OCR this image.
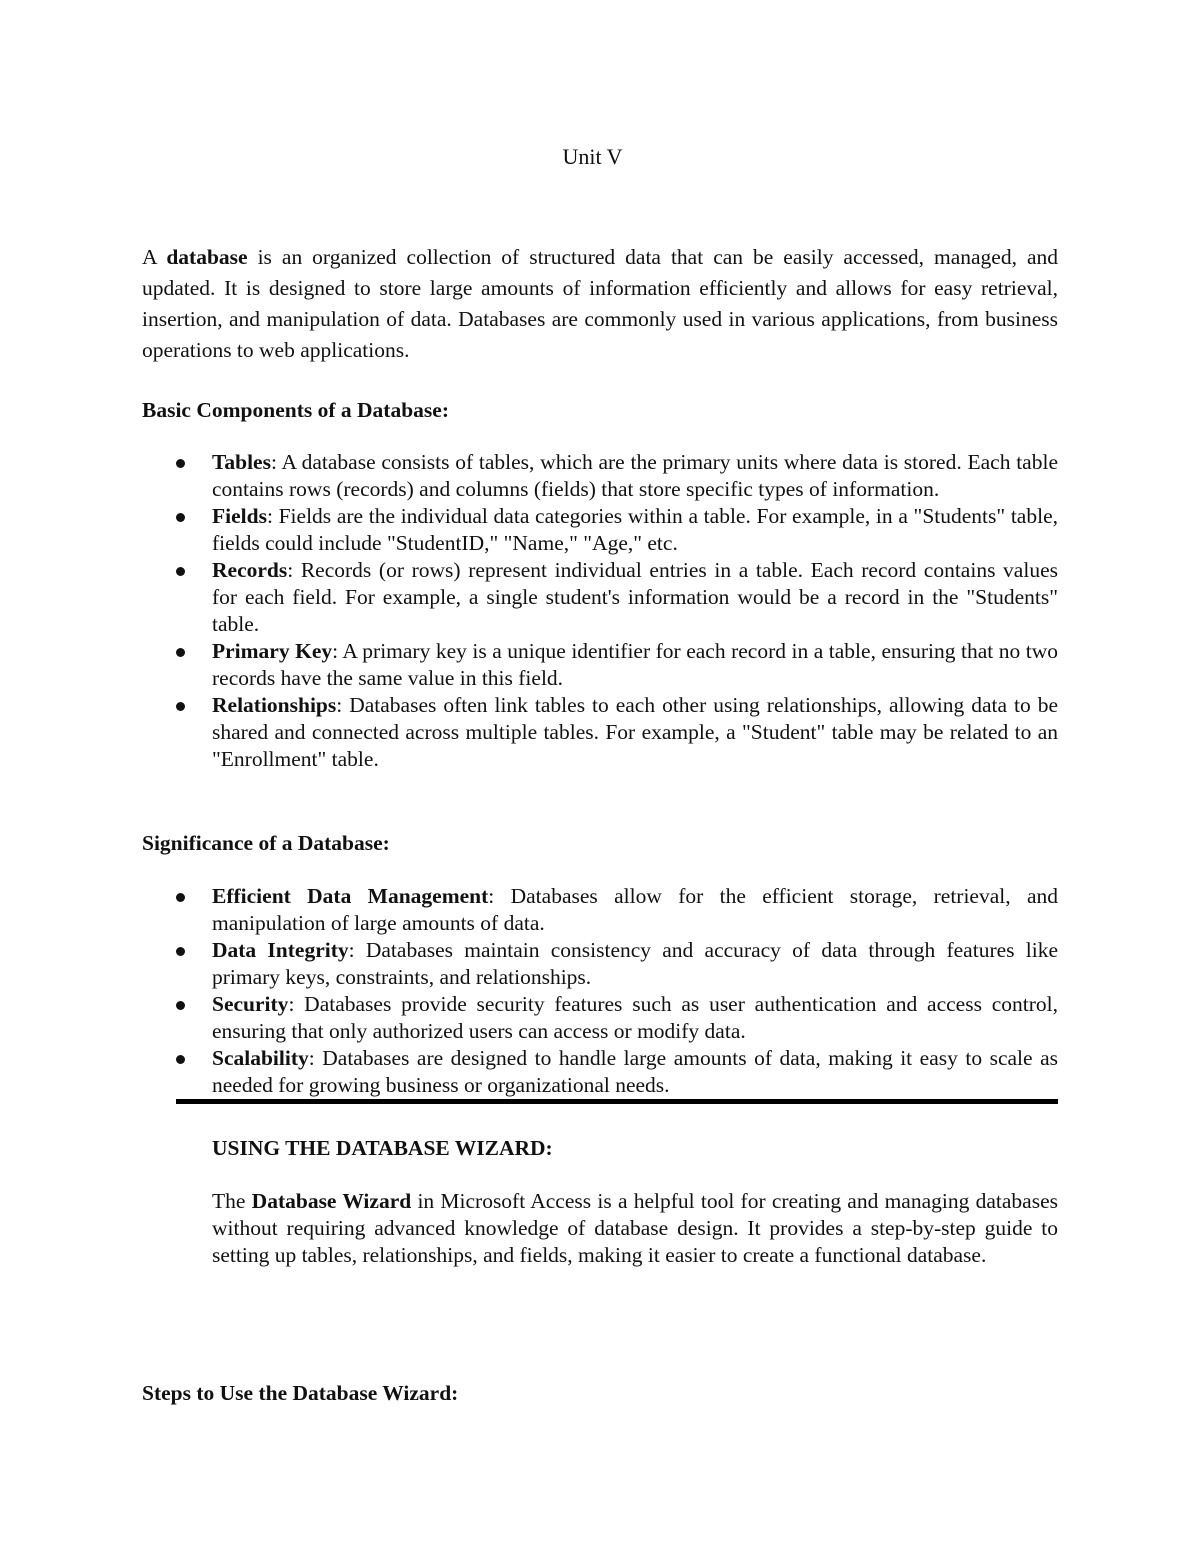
Unit V

A database is an organized collection of structured data that can be easily accessed, managed, and updated. It is designed to store large amounts of information efficiently and allows for easy retrieval, insertion, and manipulation of data. Databases are commonly used in various applications, from business operations to web applications.

Basic Components of a Database:
Tables: A database consists of tables, which are the primary units where data is stored. Each table contains rows (records) and columns (fields) that store specific types of information.
Fields: Fields are the individual data categories within a table. For example, in a "Students" table, fields could include "StudentID," "Name," "Age," etc.
Records: Records (or rows) represent individual entries in a table. Each record contains values for each field. For example, a single student's information would be a record in the "Students" table.
Primary Key: A primary key is a unique identifier for each record in a table, ensuring that no two records have the same value in this field.
Relationships: Databases often link tables to each other using relationships, allowing data to be shared and connected across multiple tables. For example, a "Student" table may be related to an "Enrollment" table.
Significance of a Database:
Efficient Data Management: Databases allow for the efficient storage, retrieval, and manipulation of large amounts of data.
Data Integrity: Databases maintain consistency and accuracy of data through features like primary keys, constraints, and relationships.
Security: Databases provide security features such as user authentication and access control, ensuring that only authorized users can access or modify data.
Scalability: Databases are designed to handle large amounts of data, making it easy to scale as needed for growing business or organizational needs.
USING THE DATABASE WIZARD:

The Database Wizard in Microsoft Access is a helpful tool for creating and managing databases without requiring advanced knowledge of database design. It provides a step-by-step guide to setting up tables, relationships, and fields, making it easier to create a functional database.

Steps to Use the Database Wizard:
